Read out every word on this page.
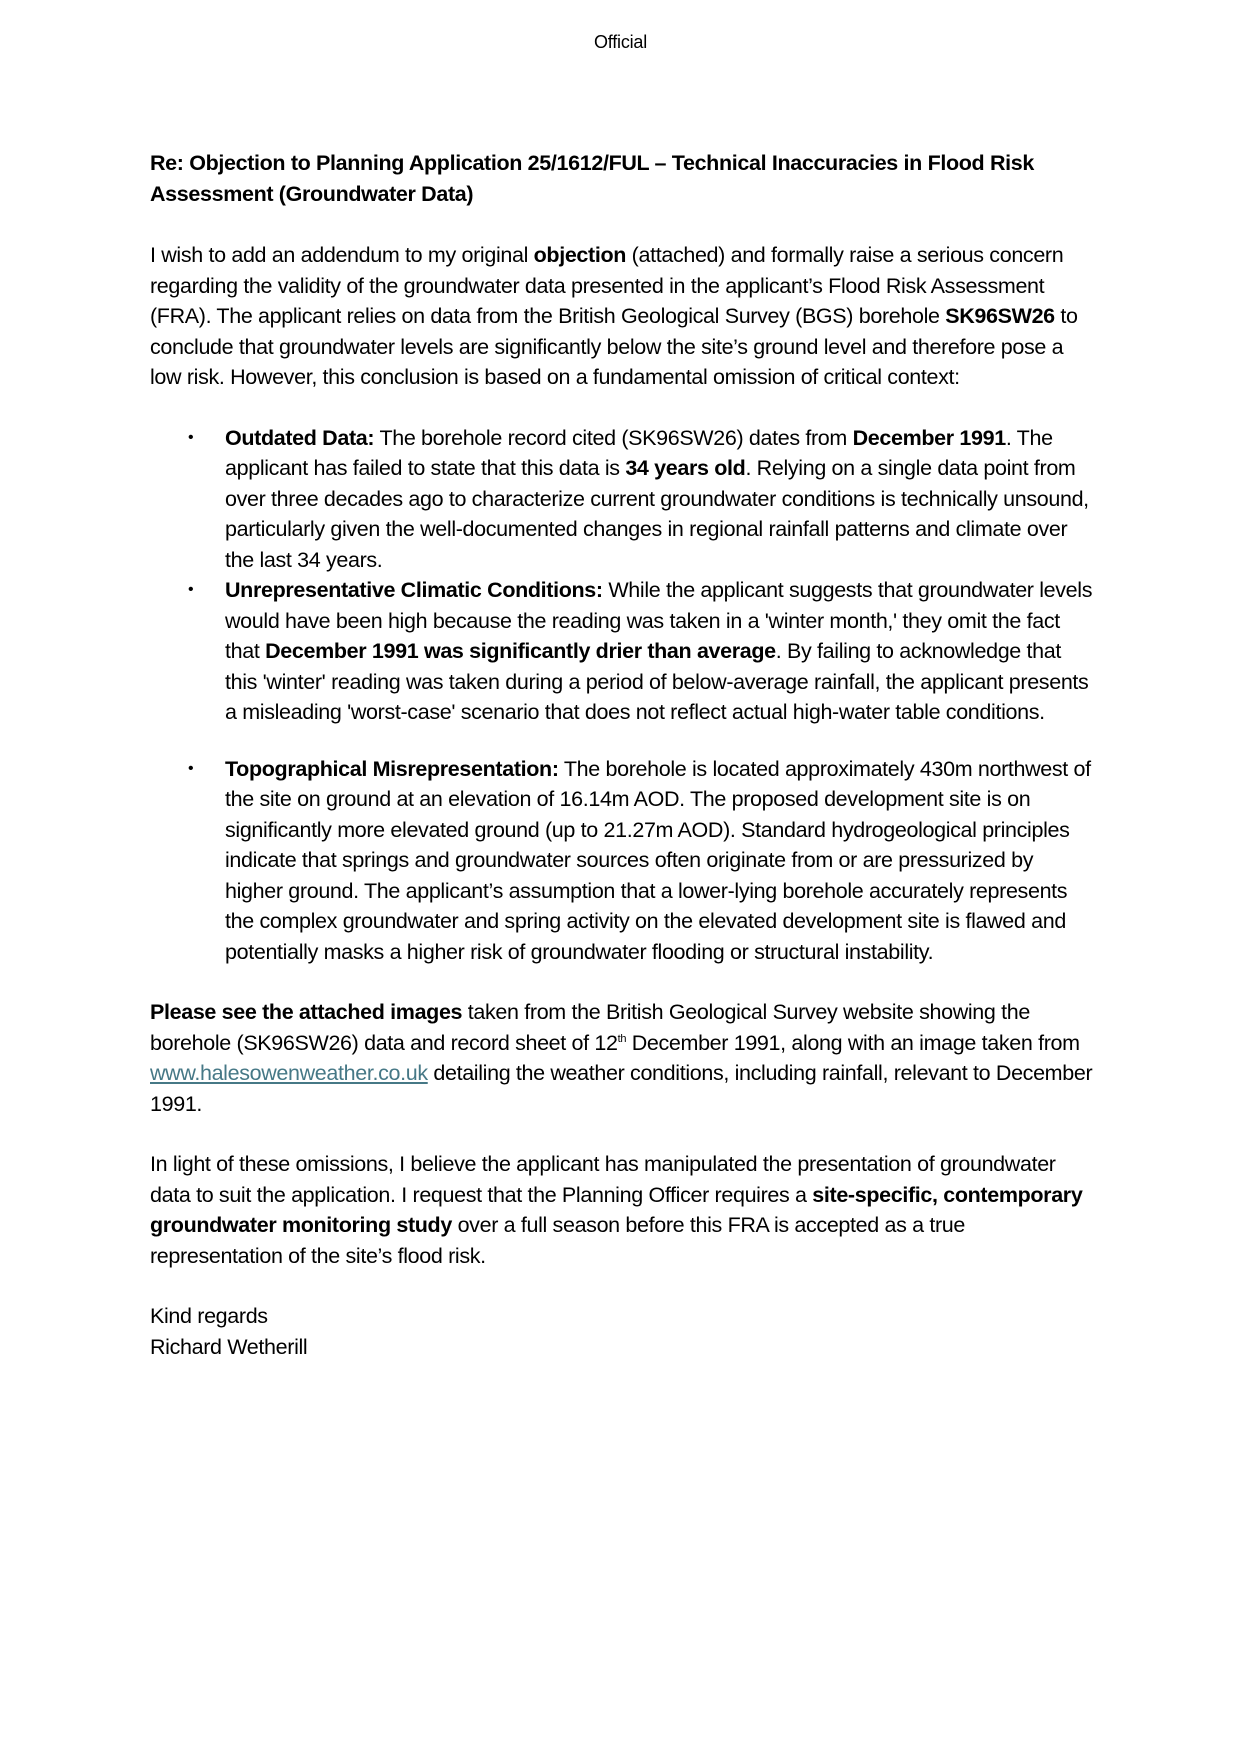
Official

Re: Objection to Planning Application 25/1612/FUL – Technical Inaccuracies in Flood Risk Assessment (Groundwater Data)

I wish to add an addendum to my original objection (attached) and formally raise a serious concern regarding the validity of the groundwater data presented in the applicant’s Flood Risk Assessment (FRA). The applicant relies on data from the British Geological Survey (BGS) borehole SK96SW26 to conclude that groundwater levels are significantly below the site’s ground level and therefore pose a low risk. However, this conclusion is based on a fundamental omission of critical context:

• Outdated Data: The borehole record cited (SK96SW26) dates from December 1991. The applicant has failed to state that this data is 34 years old. Relying on a single data point from over three decades ago to characterize current groundwater conditions is technically unsound, particularly given the well-documented changes in regional rainfall patterns and climate over the last 34 years.
• Unrepresentative Climatic Conditions: While the applicant suggests that groundwater levels would have been high because the reading was taken in a 'winter month,' they omit the fact that December 1991 was significantly drier than average. By failing to acknowledge that this 'winter' reading was taken during a period of below-average rainfall, the applicant presents a misleading 'worst-case' scenario that does not reflect actual high-water table conditions.
• Topographical Misrepresentation: The borehole is located approximately 430m northwest of the site on ground at an elevation of 16.14m AOD. The proposed development site is on significantly more elevated ground (up to 21.27m AOD). Standard hydrogeological principles indicate that springs and groundwater sources often originate from or are pressurized by higher ground. The applicant’s assumption that a lower-lying borehole accurately represents the complex groundwater and spring activity on the elevated development site is flawed and potentially masks a higher risk of groundwater flooding or structural instability.

Please see the attached images taken from the British Geological Survey website showing the borehole (SK96SW26) data and record sheet of 12th December 1991, along with an image taken from www.halesowenweather.co.uk detailing the weather conditions, including rainfall, relevant to December 1991.

In light of these omissions, I believe the applicant has manipulated the presentation of groundwater data to suit the application. I request that the Planning Officer requires a site-specific, contemporary groundwater monitoring study over a full season before this FRA is accepted as a true representation of the site’s flood risk.

Kind regards

Richard Wetherill
